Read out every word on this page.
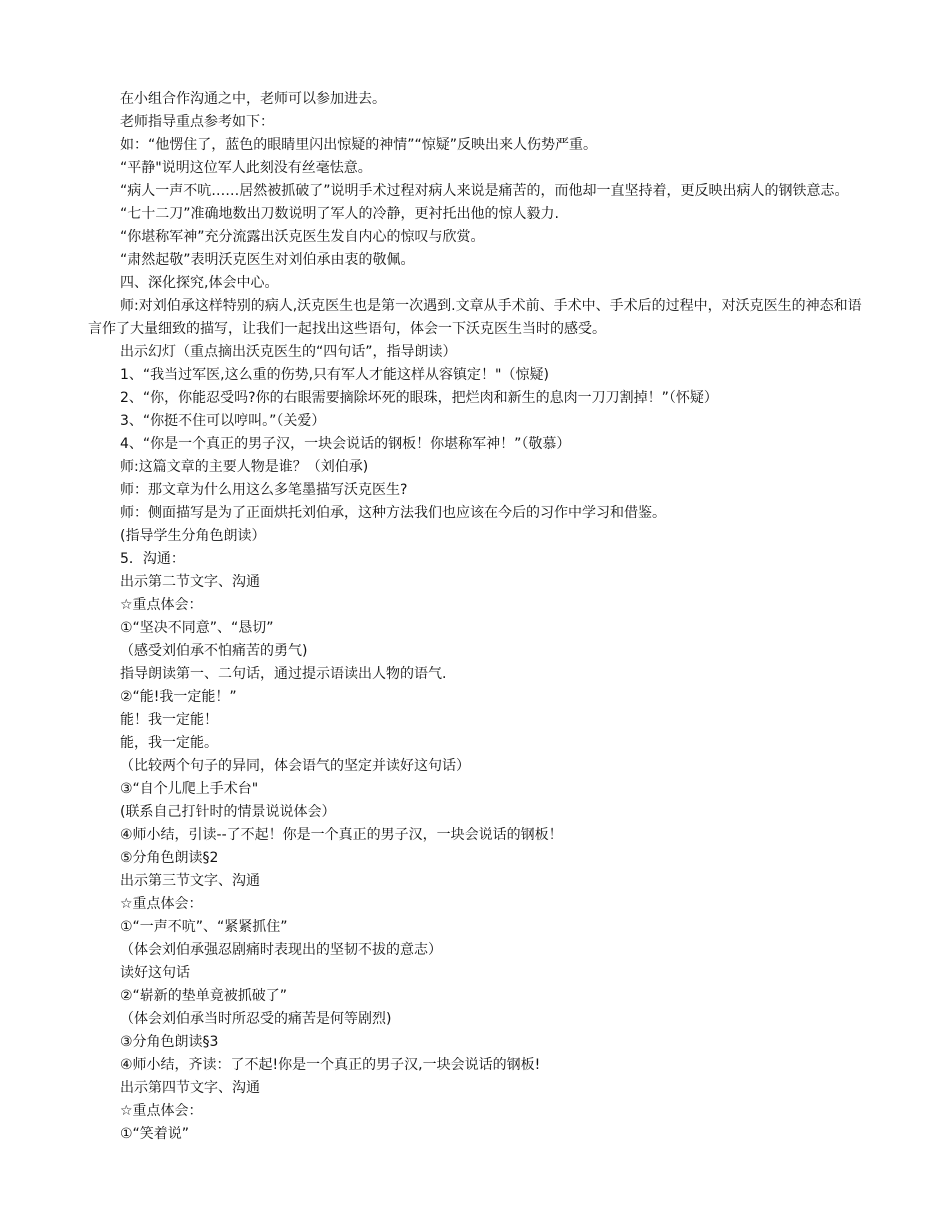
在小组合作沟通之中，老师可以参加进去。

老师指导重点参考如下：

如：“他愣住了，蓝色的眼睛里闪出惊疑的神情”“惊疑”反映出来人伤势严重。

“平静"说明这位军人此刻没有丝毫怯意。

“病人一声不吭……居然被抓破了”说明手术过程对病人来说是痛苦的，而他却一直坚持着，更反映出病人的钢铁意志。

“七十二刀”准确地数出刀数说明了军人的冷静，更衬托出他的惊人毅力.

“你堪称军神”充分流露出沃克医生发自内心的惊叹与欣赏。

“肃然起敬”表明沃克医生对刘伯承由衷的敬佩。

四、深化探究,体会中心。

师:对刘伯承这样特别的病人,沃克医生也是第一次遇到.文章从手术前、手术中、手术后的过程中，对沃克医生的神态和语言作了大量细致的描写，让我们一起找出这些语句，体会一下沃克医生当时的感受。

出示幻灯（重点摘出沃克医生的“四句话”，指导朗读）

1、“我当过军医,这么重的伤势,只有军人才能这样从容镇定！"（惊疑)

2、“你，你能忍受吗?你的右眼需要摘除坏死的眼珠，把烂肉和新生的息肉一刀刀割掉！”（怀疑）

3、“你挺不住可以哼叫。”（关爱）

4、“你是一个真正的男子汉，一块会说话的钢板！你堪称军神！”（敬慕）

师:这篇文章的主要人物是谁？（刘伯承)

师：那文章为什么用这么多笔墨描写沃克医生?

师：侧面描写是为了正面烘托刘伯承，这种方法我们也应该在今后的习作中学习和借鉴。

(指导学生分角色朗读）

5．沟通：

出示第二节文字、沟通

☆重点体会：

①“坚决不同意”、“恳切”

（感受刘伯承不怕痛苦的勇气)

指导朗读第一、二句话，通过提示语读出人物的语气.

②“能!我一定能！”

能！我一定能！

能，我一定能。

（比较两个句子的异同，体会语气的坚定并读好这句话）

③“自个儿爬上手术台"

(联系自己打针时的情景说说体会）

④师小结，引读--了不起！你是一个真正的男子汉，一块会说话的钢板！

⑤分角色朗读§2

出示第三节文字、沟通

☆重点体会：

①“一声不吭”、“紧紧抓住”

（体会刘伯承强忍剧痛时表现出的坚韧不拔的意志）

读好这句话

②“崭新的垫单竟被抓破了”

（体会刘伯承当时所忍受的痛苦是何等剧烈)

③分角色朗读§3

④师小结，齐读：了不起!你是一个真正的男子汉,一块会说话的钢板!

出示第四节文字、沟通

☆重点体会：

①“笑着说”
